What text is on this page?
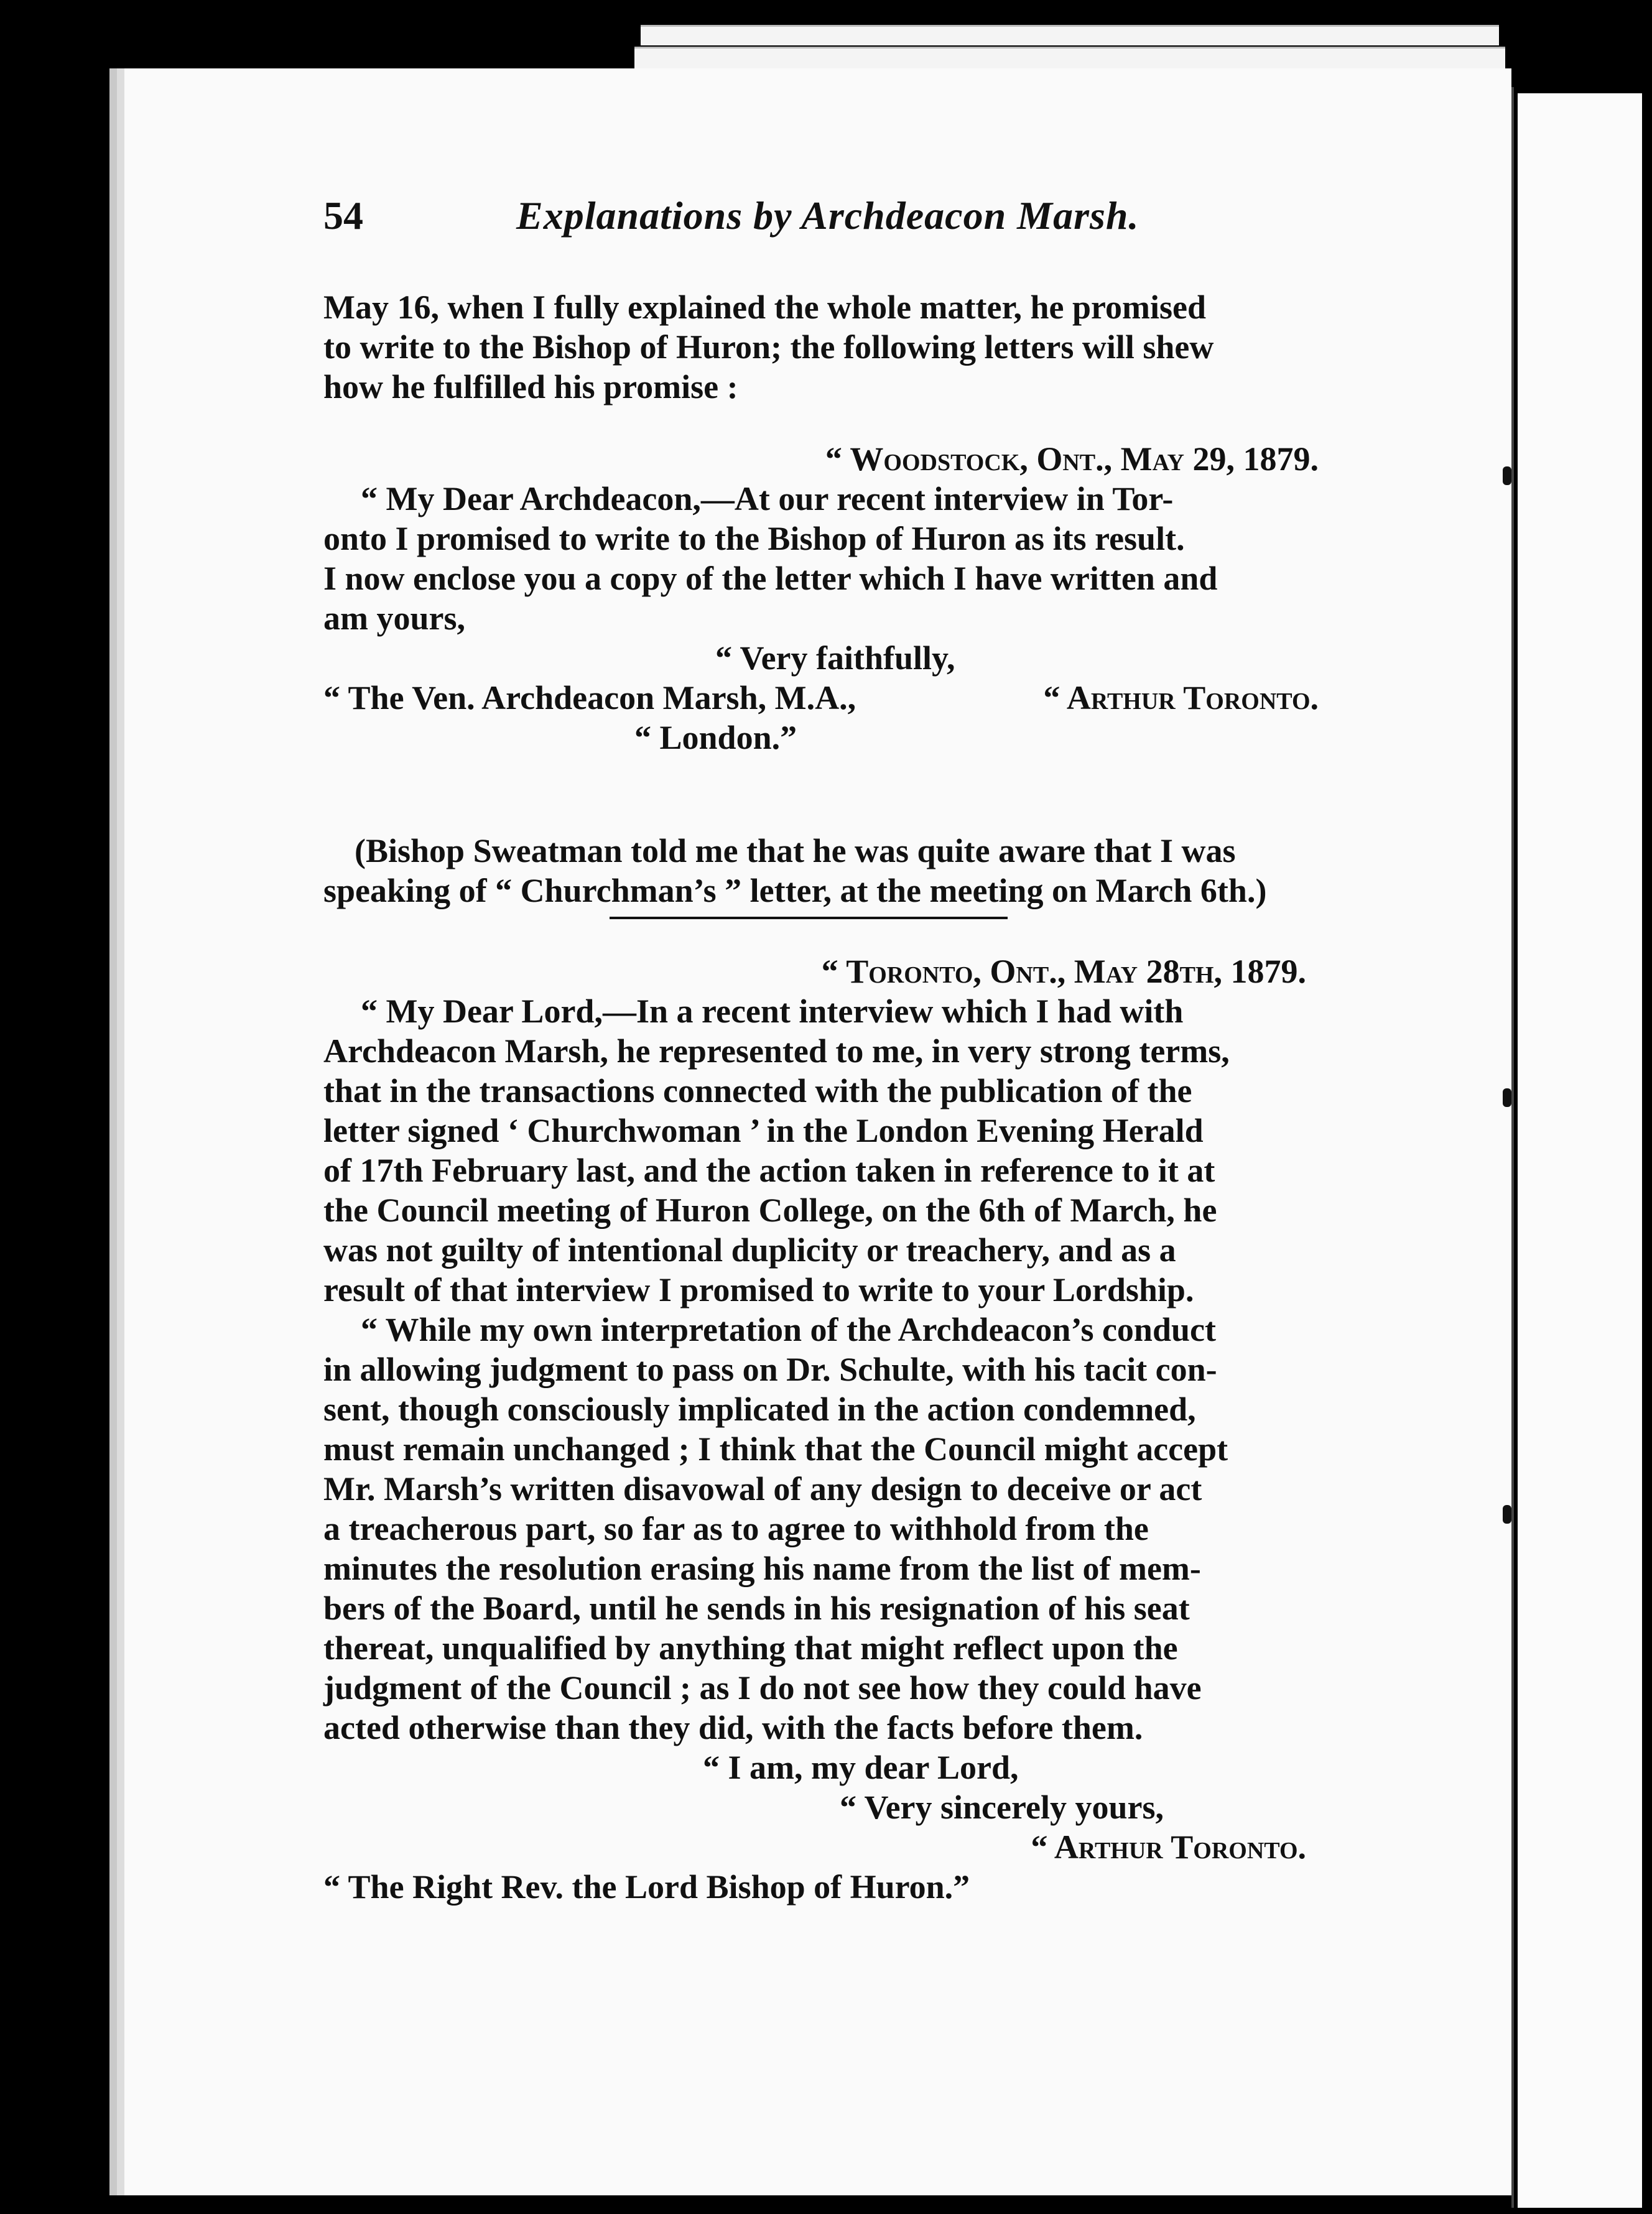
54	Explanations by Archdeacon Marsh.
May 16, when I fully explained the whole matter, he promised
to write to the Bishop of Huron; the following letters will shew
how he fulfilled his promise :
“ Woodstock, Ont., May 29, 1879.
“ My Dear Archdeacon,—At our recent interview in Tor-
onto I promised to write to the Bishop of Huron as its result.
I now enclose you a copy of the letter which I have written and
am yours,
“ Very faithfully,
“ The Ven. Archdeacon Marsh, M.A.,	“ Arthur Toronto.
“ London.”
(Bishop Sweatman told me that he was quite aware that I was
speaking of “ Churchman’s ” letter, at the meeting on March 6th.)
“ Toronto, Ont., May 28th, 1879.
“ My Dear Lord,—In a recent interview which I had with
Archdeacon Marsh, he represented to me, in very strong terms,
that in the transactions connected with the publication of the
letter signed ‘ Churchwoman ’ in the London Evening Herald
of 17th February last, and the action taken in reference to it at
the Council meeting of Huron College, on the 6th of March, he
was not guilty of intentional duplicity or treachery, and as a
result of that interview I promised to write to your Lordship.
“ While my own interpretation of the Archdeacon’s conduct
in allowing judgment to pass on Dr. Schulte, with his tacit con-
sent, though consciously implicated in the action condemned,
must remain unchanged ; I think that the Council might accept
Mr. Marsh’s written disavowal of any design to deceive or act
a treacherous part, so far as to agree to withhold from the
minutes the resolution erasing his name from the list of mem-
bers of the Board, until he sends in his resignation of his seat
thereat, unqualified by anything that might reflect upon the
judgment of the Council ; as I do not see how they could have
acted otherwise than they did, with the facts before them.
“ I am, my dear Lord,
“ Very sincerely yours,
“ Arthur Toronto.
“ The Right Rev. the Lord Bishop of Huron.”
